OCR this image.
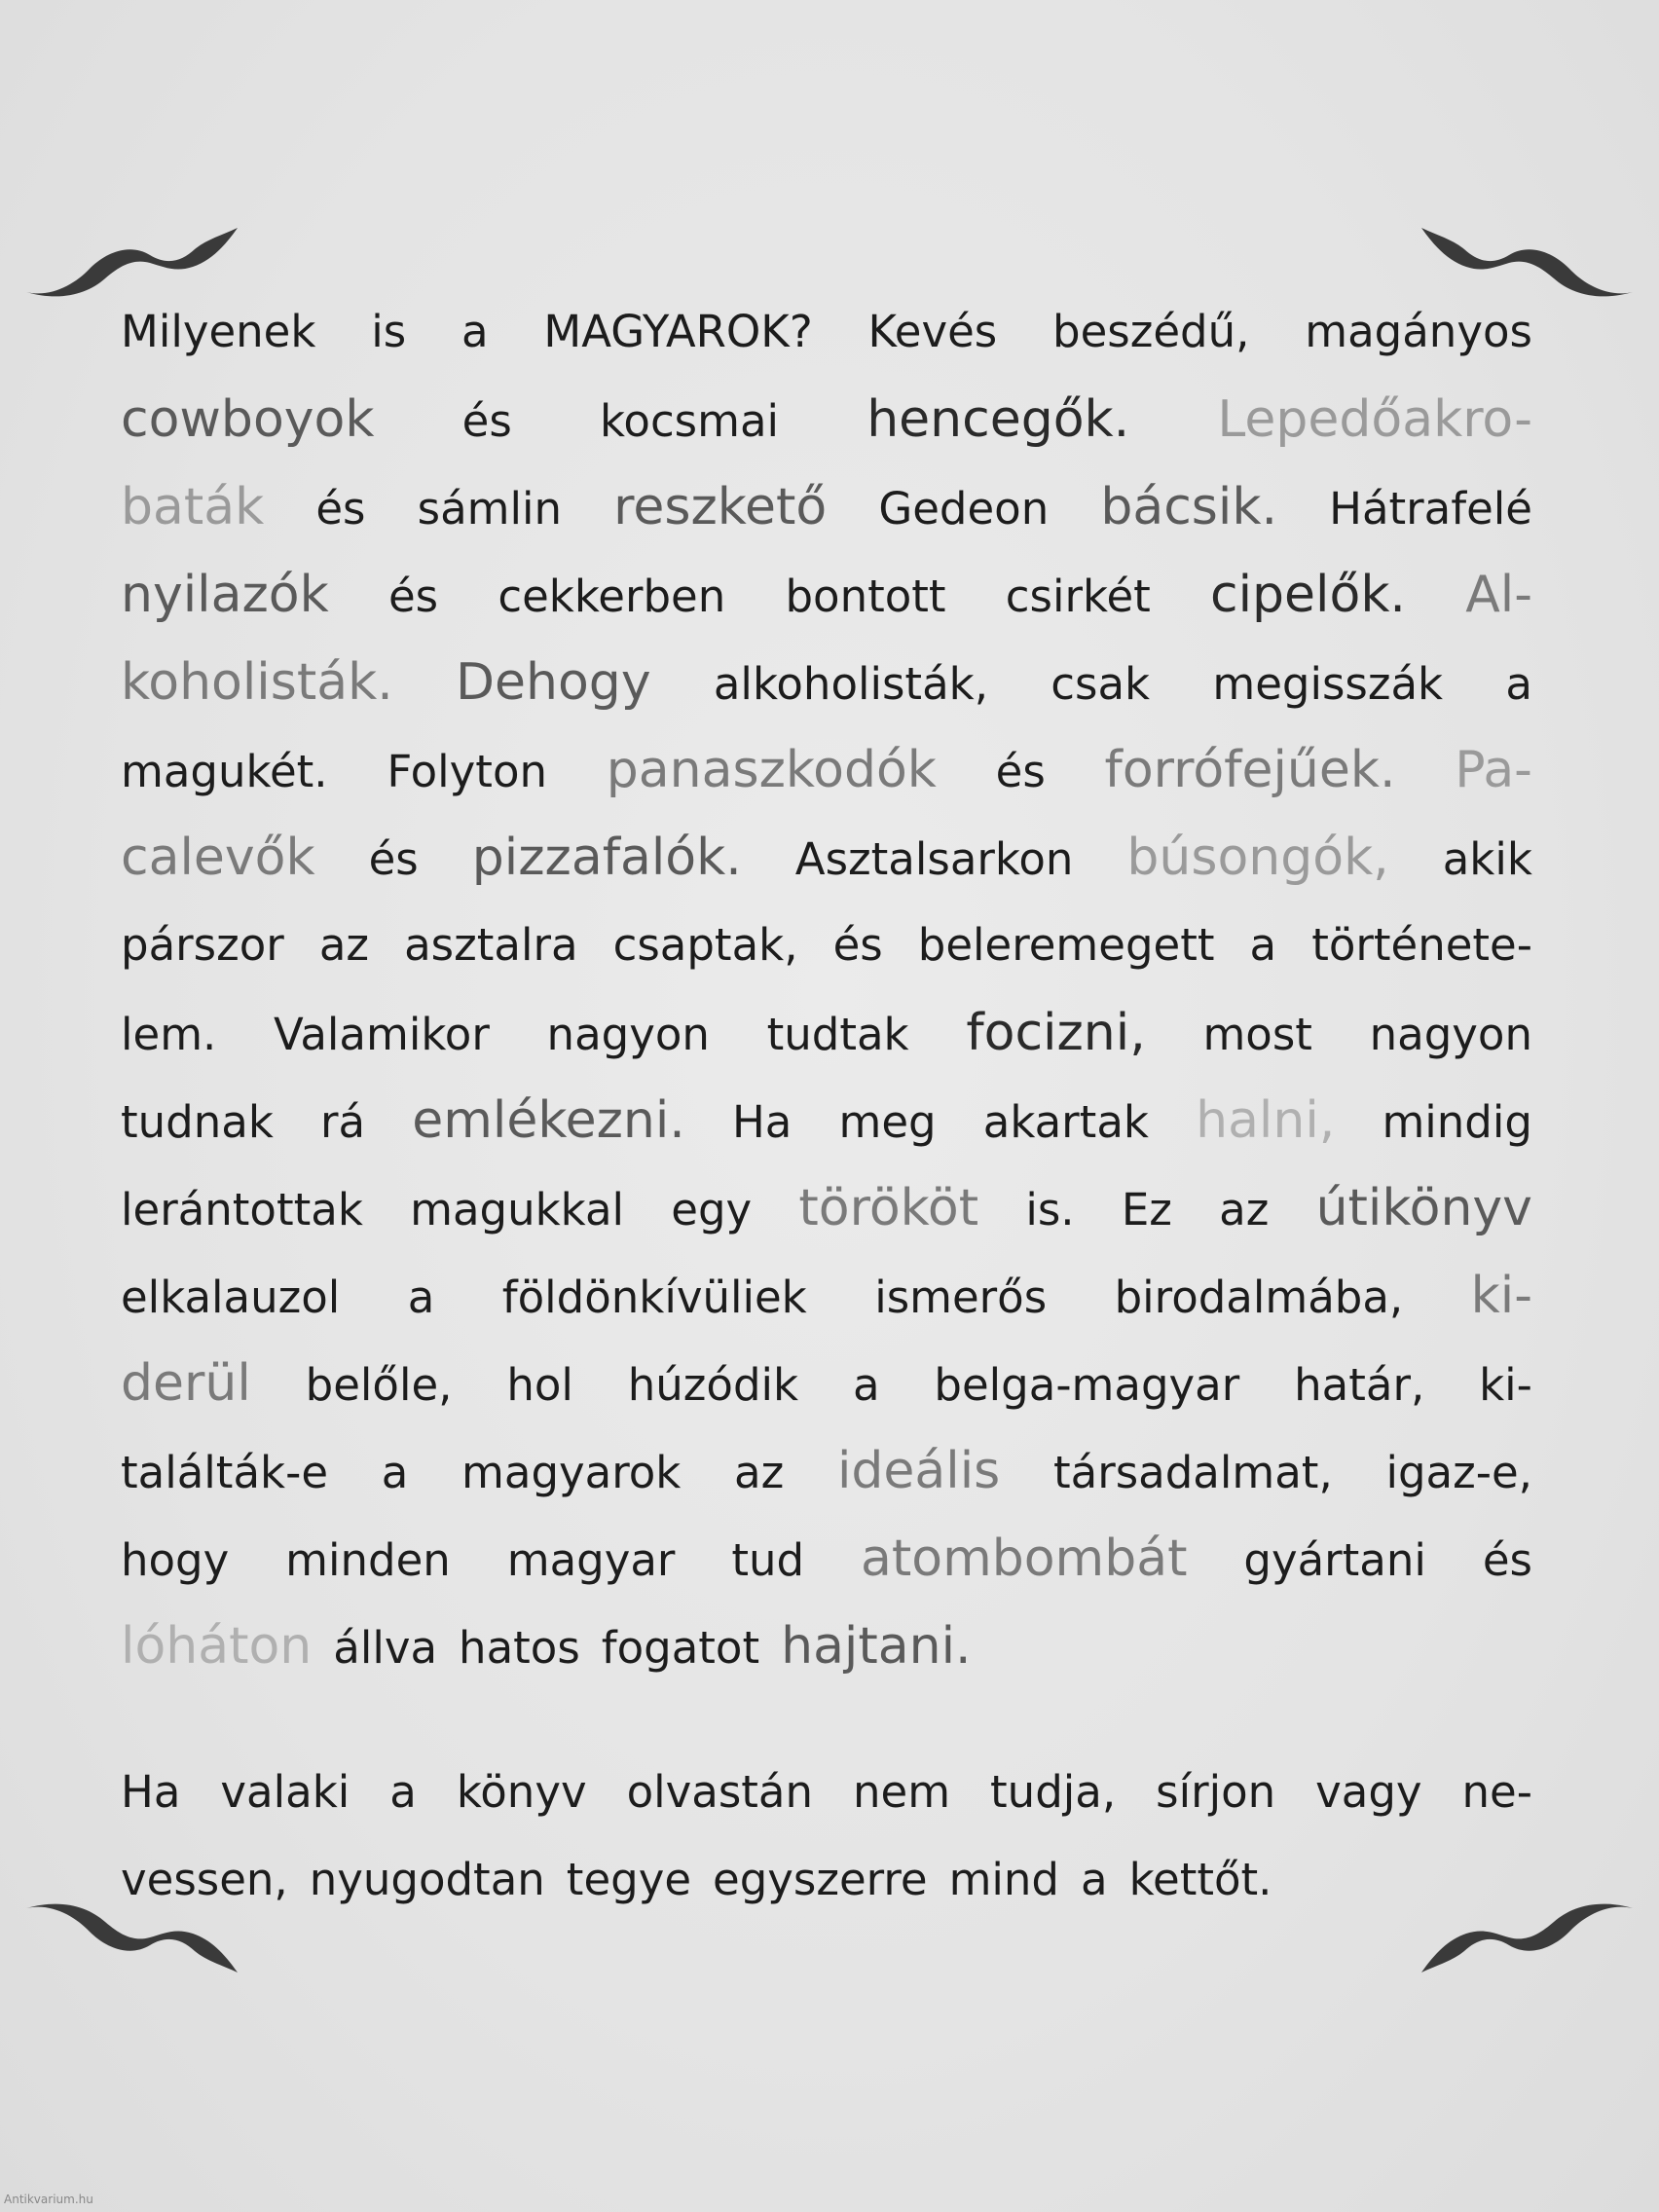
Milyenek is a MAGYAROK? Kevés beszédű, magányos
cowboyok és kocsmai hencegők. Lepedőakro-
baták és sámlin reszkető Gedeon bácsik. Hátrafelé
nyilazók és cekkerben bontott csirkét cipelők. Al-
koholisták. Dehogy alkoholisták, csak megisszák a
magukét. Folyton panaszkodók és forrófejűek. Pa-
calevők és pizzafalók. Asztalsarkon búsongók, akik
párszor az asztalra csaptak, és beleremegett a története-
lem. Valamikor nagyon tudtak focizni, most nagyon
tudnak rá emlékezni. Ha meg akartak halni, mindig
lerántottak magukkal egy törököt is. Ez az útikönyv
elkalauzol a földönkívüliek ismerős birodalmába, ki-
derül belőle, hol húzódik a belga-magyar határ, ki-
találták-e a magyarok az ideális társadalmat, igaz-e,
hogy minden magyar tud atombombát gyártani és
lóháton állva hatos fogatot hajtani.
Ha valaki a könyv olvastán nem tudja, sírjon vagy ne-
vessen, nyugodtan tegye egyszerre mind a kettőt.
Antikvarium.hu
